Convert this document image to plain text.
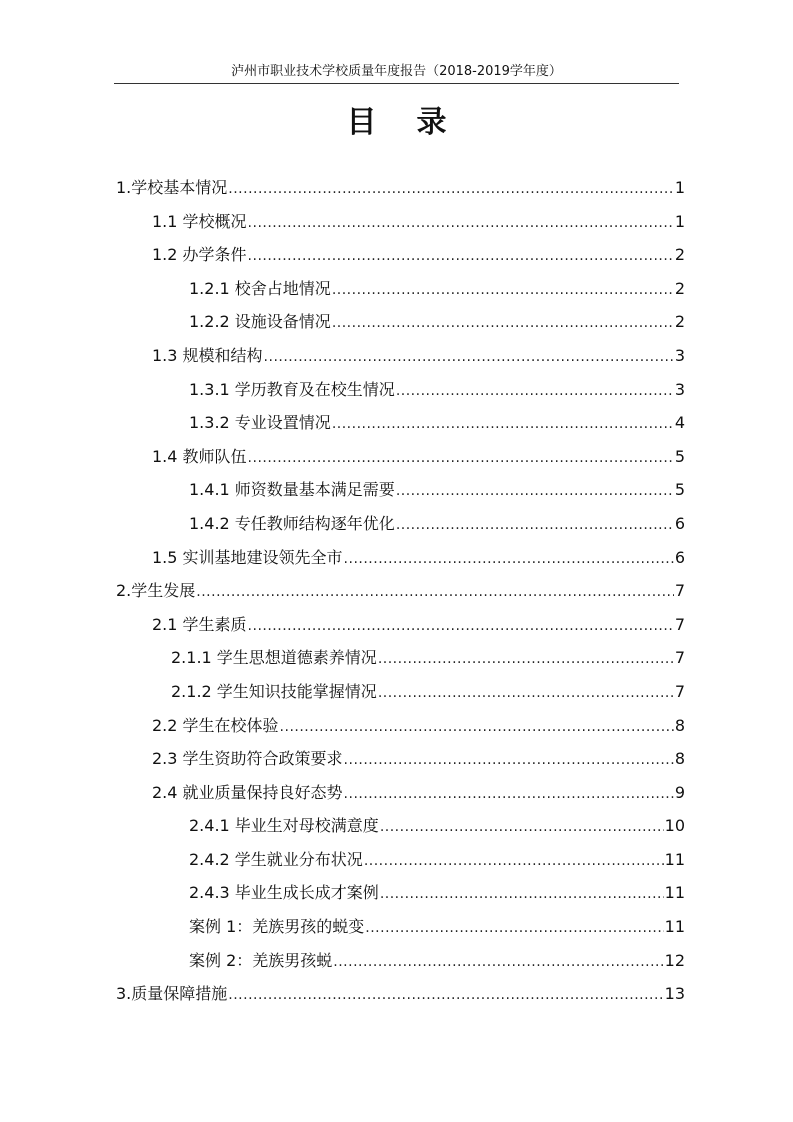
泸州市职业技术学校质量年度报告（2018-2019学年度）
目 录
1.学校基本情况 .....	1
1.1 学校概况 .....	1
1.2 办学条件 .....	2
1.2.1 校舍占地情况 .....	2
1.2.2 设施设备情况 .....	2
1.3 规模和结构 .....	3
1.3.1 学历教育及在校生情况 .....	3
1.3.2 专业设置情况 .....	4
1.4 教师队伍 .....	5
1.4.1 师资数量基本满足需要 .....	5
1.4.2 专任教师结构逐年优化 .....	6
1.5 实训基地建设领先全市 .....	6
2.学生发展 .....	7
2.1 学生素质 .....	7
2.1.1 学生思想道德素养情况 .....	7
2.1.2 学生知识技能掌握情况 .....	7
2.2 学生在校体验 .....	8
2.3 学生资助符合政策要求 .....	8
2.4 就业质量保持良好态势 .....	9
2.4.1 毕业生对母校满意度 .....	10
2.4.2 学生就业分布状况 .....	11
2.4.3 毕业生成长成才案例 .....	11
案例 1：羌族男孩的蜕变 .....	11
案例 2：羌族男孩蜕 .....	12
3.质量保障措施 .....	13
